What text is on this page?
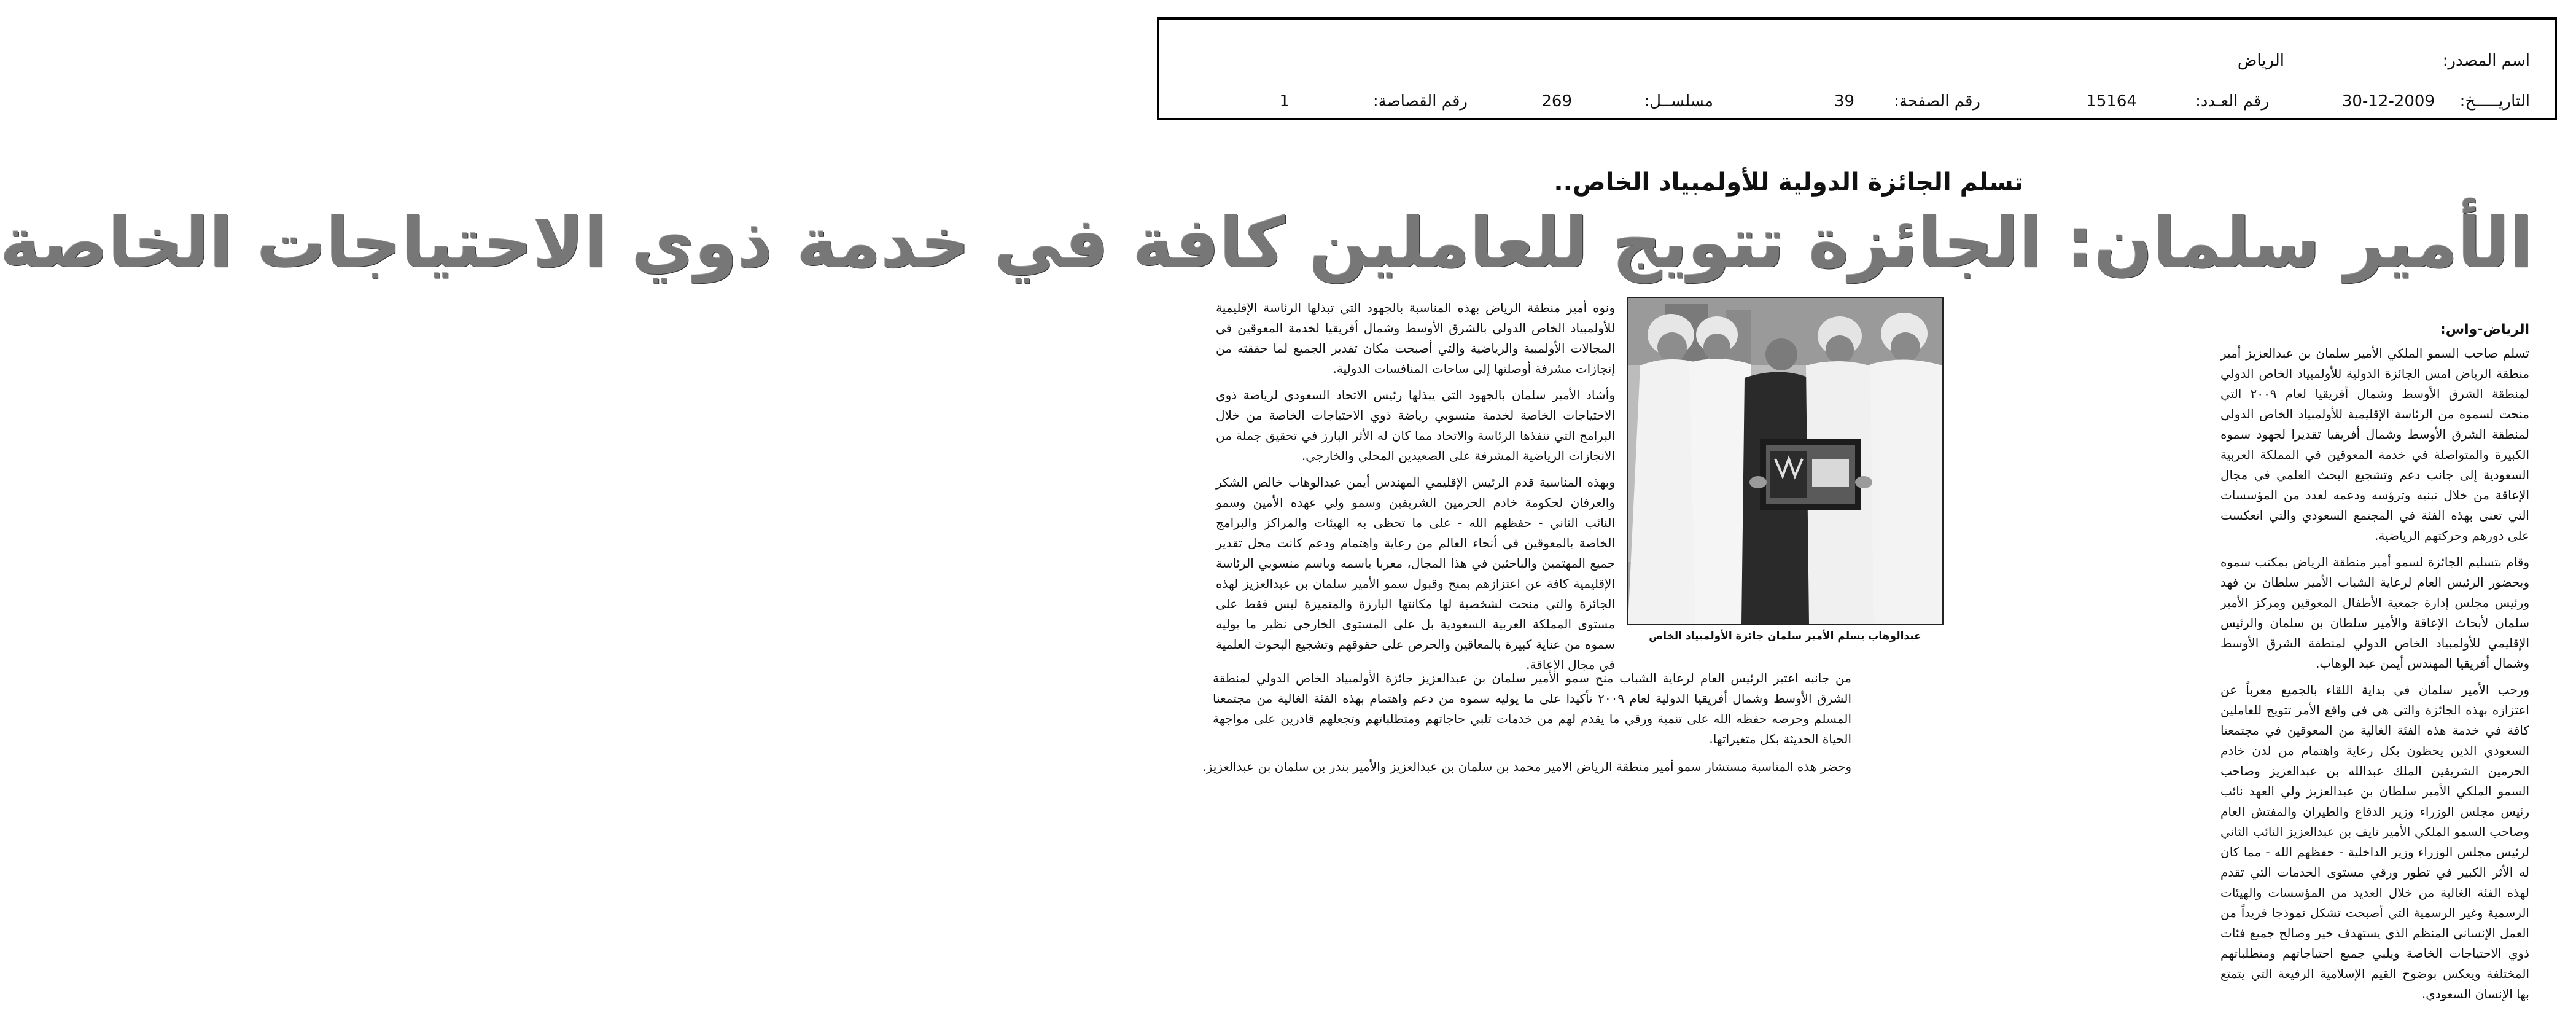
اسم المصدر:
الرياض
التاريـــــخ:
30-12-2009
رقم العـدد:
15164
رقم الصفحة:
39
مسلســل:
269
رقم القصاصة:
1
تسلم الجائزة الدولية للأولمبياد الخاص..
الأمير سلمان: الجائزة تتويج للعاملين كافة في خدمة ذوي الاحتياجات الخاصة
الرياض-واس:

تسلم صاحب السمو الملكي الأمير سلمان بن عبدالعزيز أمير منطقة الرياض امس الجائزة الدولية للأولمبياد الخاص الدولي لمنطقة الشرق الأوسط وشمال أفريقيا لعام ٢٠٠٩ التي منحت لسموه من الرئاسة الإقليمية للأولمبياد الخاص الدولي لمنطقة الشرق الأوسط وشمال أفريقيا تقديرا لجهود سموه الكبيرة والمتواصلة في خدمة المعوقين في المملكة العربية السعودية إلى جانب دعم وتشجيع البحث العلمي في مجال الإعاقة من خلال تبنيه وترؤسه ودعمه لعدد من المؤسسات التي تعنى بهذه الفئة في المجتمع السعودي والتي انعكست على دورهم وحركتهم الرياضية.

وقام بتسليم الجائزة لسمو أمير منطقة الرياض بمكتب سموه وبحضور الرئيس العام لرعاية الشباب الأمير سلطان بن فهد ورئيس مجلس إدارة جمعية الأطفال المعوقين ومركز الأمير سلمان لأبحاث الإعاقة والأمير سلطان بن سلمان والرئيس الإقليمي للأولمبياد الخاص الدولي لمنطقة الشرق الأوسط وشمال أفريقيا المهندس أيمن عبد الوهاب.

ورحب الأمير سلمان في بداية اللقاء بالجميع معرباً عن اعتزازه بهذه الجائزة والتي هي في واقع الأمر تتويج للعاملين كافة في خدمة هذه الفئة الغالية من المعوقين في مجتمعنا السعودي الذين يحظون بكل رعاية واهتمام من لدن خادم الحرمين الشريفين الملك عبدالله بن عبدالعزيز وصاحب السمو الملكي الأمير سلطان بن عبدالعزيز ولي العهد نائب رئيس مجلس الوزراء وزير الدفاع والطيران والمفتش العام وصاحب السمو الملكي الأمير نايف بن عبدالعزيز النائب الثاني لرئيس مجلس الوزراء وزير الداخلية - حفظهم الله - مما كان له الأثر الكبير في تطور ورقي مستوى الخدمات التي تقدم لهذه الفئة الغالية من خلال العديد من المؤسسات والهيئات الرسمية وغير الرسمية التي أصبحت تشكل نموذجا فريداً من العمل الإنساني المنظم الذي يستهدف خير وصالح جميع فئات ذوي الاحتياجات الخاصة ويلبي جميع احتياجاتهم ومتطلباتهم المختلفة ويعكس بوضوح القيم الإسلامية الرفيعة التي يتمتع بها الإنسان السعودي.

عبدالوهاب يسلم الأمير سلمان جائزة الأولمبياد الخاص

ونوه أمير منطقة الرياض بهذه المناسبة بالجهود التي تبذلها الرئاسة الإقليمية للأولمبياد الخاص الدولي بالشرق الأوسط وشمال أفريقيا لخدمة المعوقين في المجالات الأولمبية والرياضية والتي أصبحت مكان تقدير الجميع لما حققته من إنجازات مشرفة أوصلتها إلى ساحات المنافسات الدولية.

وأشاد الأمير سلمان بالجهود التي يبذلها رئيس الاتحاد السعودي لرياضة ذوي الاحتياجات الخاصة لخدمة منسوبي رياضة ذوي الاحتياجات الخاصة من خلال البرامج التي تنفذها الرئاسة والاتحاد مما كان له الأثر البارز في تحقيق جملة من الانجازات الرياضية المشرفة على الصعيدين المحلي والخارجي.

وبهذه المناسبة قدم الرئيس الإقليمي المهندس أيمن عبدالوهاب خالص الشكر والعرفان لحكومة خادم الحرمين الشريفين وسمو ولي عهده الأمين وسمو النائب الثاني - حفظهم الله - على ما تحظى به الهيئات والمراكز والبرامج الخاصة بالمعوقين في أنحاء العالم من رعاية واهتمام ودعم كانت محل تقدير جميع المهتمين والباحثين في هذا المجال، معربا باسمه وباسم منسوبي الرئاسة الإقليمية كافة عن اعتزازهم بمنح وقبول سمو الأمير سلمان بن عبدالعزيز لهذه الجائزة والتي منحت لشخصية لها مكانتها البارزة والمتميزة ليس فقط على مستوى المملكة العربية السعودية بل على المستوى الخارجي نظير ما يوليه سموه من عناية كبيرة بالمعاقين والحرص على حقوقهم وتشجيع البحوث العلمية في مجال الإعاقة.

من جانبه اعتبر الرئيس العام لرعاية الشباب منح سمو الأمير سلمان بن عبدالعزيز جائزة الأولمبياد الخاص الدولي لمنطقة الشرق الأوسط وشمال أفريقيا الدولية لعام ٢٠٠٩ تأكيدا على ما يوليه سموه من دعم واهتمام بهذه الفئة الغالية من مجتمعنا المسلم وحرصه حفظه الله على تنمية ورقي ما يقدم لهم من خدمات تلبي حاجاتهم ومتطلباتهم وتجعلهم قادرين على مواجهة الحياة الحديثة بكل متغيراتها.
وحضر هذه المناسبة مستشار سمو أمير منطقة الرياض الامير محمد بن سلمان بن عبدالعزيز والأمير بندر بن سلمان بن عبدالعزيز.
